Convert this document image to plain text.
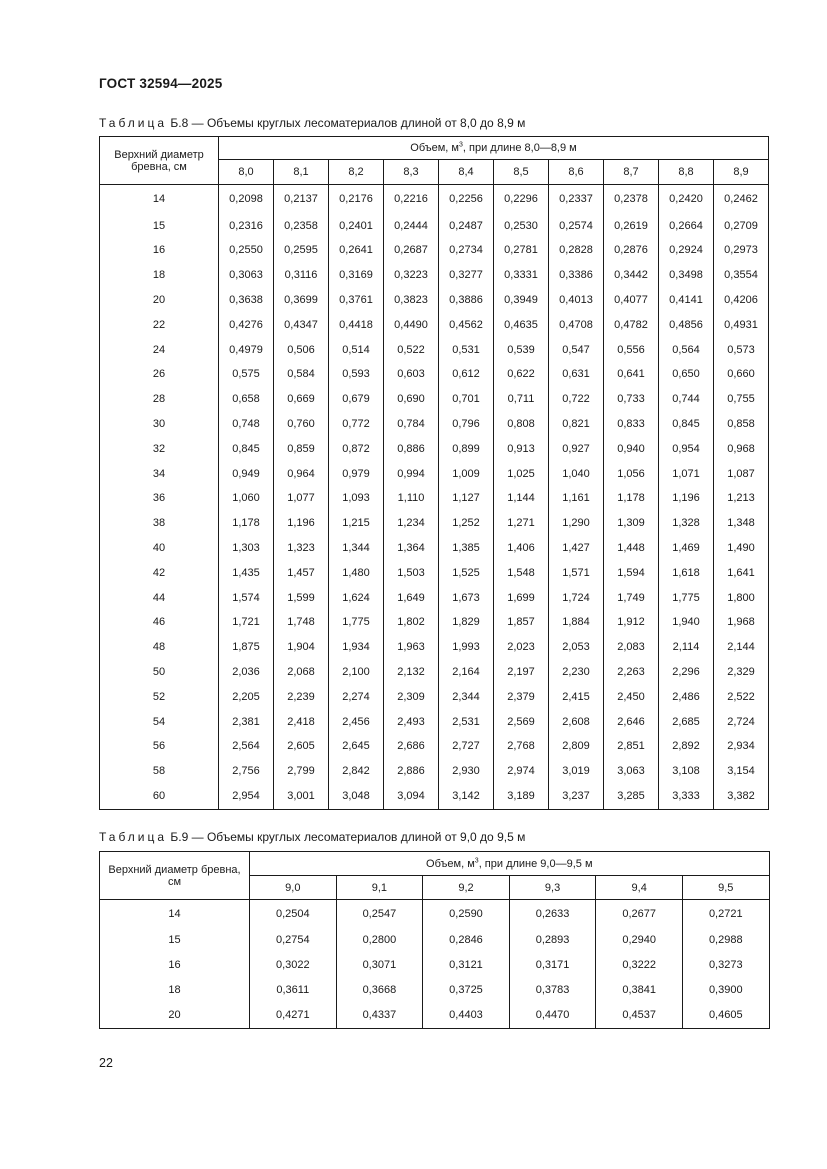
ГОСТ 32594—2025
Таблица Б.8 — Объемы круглых лесоматериалов длиной от 8,0 до 8,9 м
Верхний диаметр бревна, см	Объем, $м^3$, при длине 8,0—8,9 м									
	8,0	8,1	8,2	8,3	8,4	8,5	8,6	8,7	8,8	8,9
14	0,2098	0,2137	0,2176	0,2216	0,2256	0,2296	0,2337	0,2378	0,2420	0,2462
15	0,2316	0,2358	0,2401	0,2444	0,2487	0,2530	0,2574	0,2619	0,2664	0,2709
16	0,2550	0,2595	0,2641	0,2687	0,2734	0,2781	0,2828	0,2876	0,2924	0,2973
18	0,3063	0,3116	0,3169	0,3223	0,3277	0,3331	0,3386	0,3442	0,3498	0,3554
20	0,3638	0,3699	0,3761	0,3823	0,3886	0,3949	0,4013	0,4077	0,4141	0,4206
22	0,4276	0,4347	0,4418	0,4490	0,4562	0,4635	0,4708	0,4782	0,4856	0,4931
24	0,4979	0,506	0,514	0,522	0,531	0,539	0,547	0,556	0,564	0,573
26	0,575	0,584	0,593	0,603	0,612	0,622	0,631	0,641	0,650	0,660
28	0,658	0,669	0,679	0,690	0,701	0,711	0,722	0,733	0,744	0,755
30	0,748	0,760	0,772	0,784	0,796	0,808	0,821	0,833	0,845	0,858
32	0,845	0,859	0,872	0,886	0,899	0,913	0,927	0,940	0,954	0,968
34	0,949	0,964	0,979	0,994	1,009	1,025	1,040	1,056	1,071	1,087
36	1,060	1,077	1,093	1,110	1,127	1,144	1,161	1,178	1,196	1,213
38	1,178	1,196	1,215	1,234	1,252	1,271	1,290	1,309	1,328	1,348
40	1,303	1,323	1,344	1,364	1,385	1,406	1,427	1,448	1,469	1,490
42	1,435	1,457	1,480	1,503	1,525	1,548	1,571	1,594	1,618	1,641
44	1,574	1,599	1,624	1,649	1,673	1,699	1,724	1,749	1,775	1,800
46	1,721	1,748	1,775	1,802	1,829	1,857	1,884	1,912	1,940	1,968
48	1,875	1,904	1,934	1,963	1,993	2,023	2,053	2,083	2,114	2,144
50	2,036	2,068	2,100	2,132	2,164	2,197	2,230	2,263	2,296	2,329
52	2,205	2,239	2,274	2,309	2,344	2,379	2,415	2,450	2,486	2,522
54	2,381	2,418	2,456	2,493	2,531	2,569	2,608	2,646	2,685	2,724
56	2,564	2,605	2,645	2,686	2,727	2,768	2,809	2,851	2,892	2,934
58	2,756	2,799	2,842	2,886	2,930	2,974	3,019	3,063	3,108	3,154
60	2,954	3,001	3,048	3,094	3,142	3,189	3,237	3,285	3,333	3,382
Таблица Б.9 — Объемы круглых лесоматериалов длиной от 9,0 до 9,5 м
Верхний диаметр бревна, см	Объем, $м^3$, при длине 9,0—9,5 м					
	9,0	9,1	9,2	9,3	9,4	9,5
14	0,2504	0,2547	0,2590	0,2633	0,2677	0,2721
15	0,2754	0,2800	0,2846	0,2893	0,2940	0,2988
16	0,3022	0,3071	0,3121	0,3171	0,3222	0,3273
18	0,3611	0,3668	0,3725	0,3783	0,3841	0,3900
20	0,4271	0,4337	0,4403	0,4470	0,4537	0,4605
22
